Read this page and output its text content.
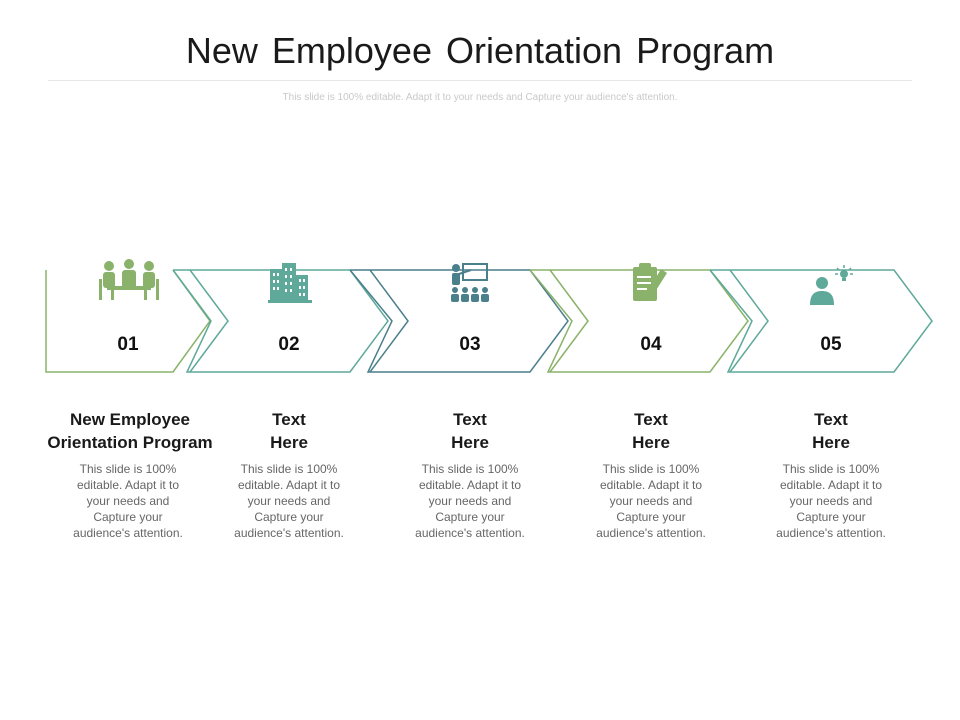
New Employee Orientation Program
This slide is 100% editable. Adapt it to your needs and Capture your audience's attention.
01	02	03	04	05
New Employee
Orientation Program
Text
Here
Text
Here
Text
Here
Text
Here
This slide is 100%
editable. Adapt it to
your needs and
Capture your
audience's attention.
This slide is 100%
editable. Adapt it to
your needs and
Capture your
audience's attention.
This slide is 100%
editable. Adapt it to
your needs and
Capture your
audience's attention.
This slide is 100%
editable. Adapt it to
your needs and
Capture your
audience's attention.
This slide is 100%
editable. Adapt it to
your needs and
Capture your
audience's attention.
